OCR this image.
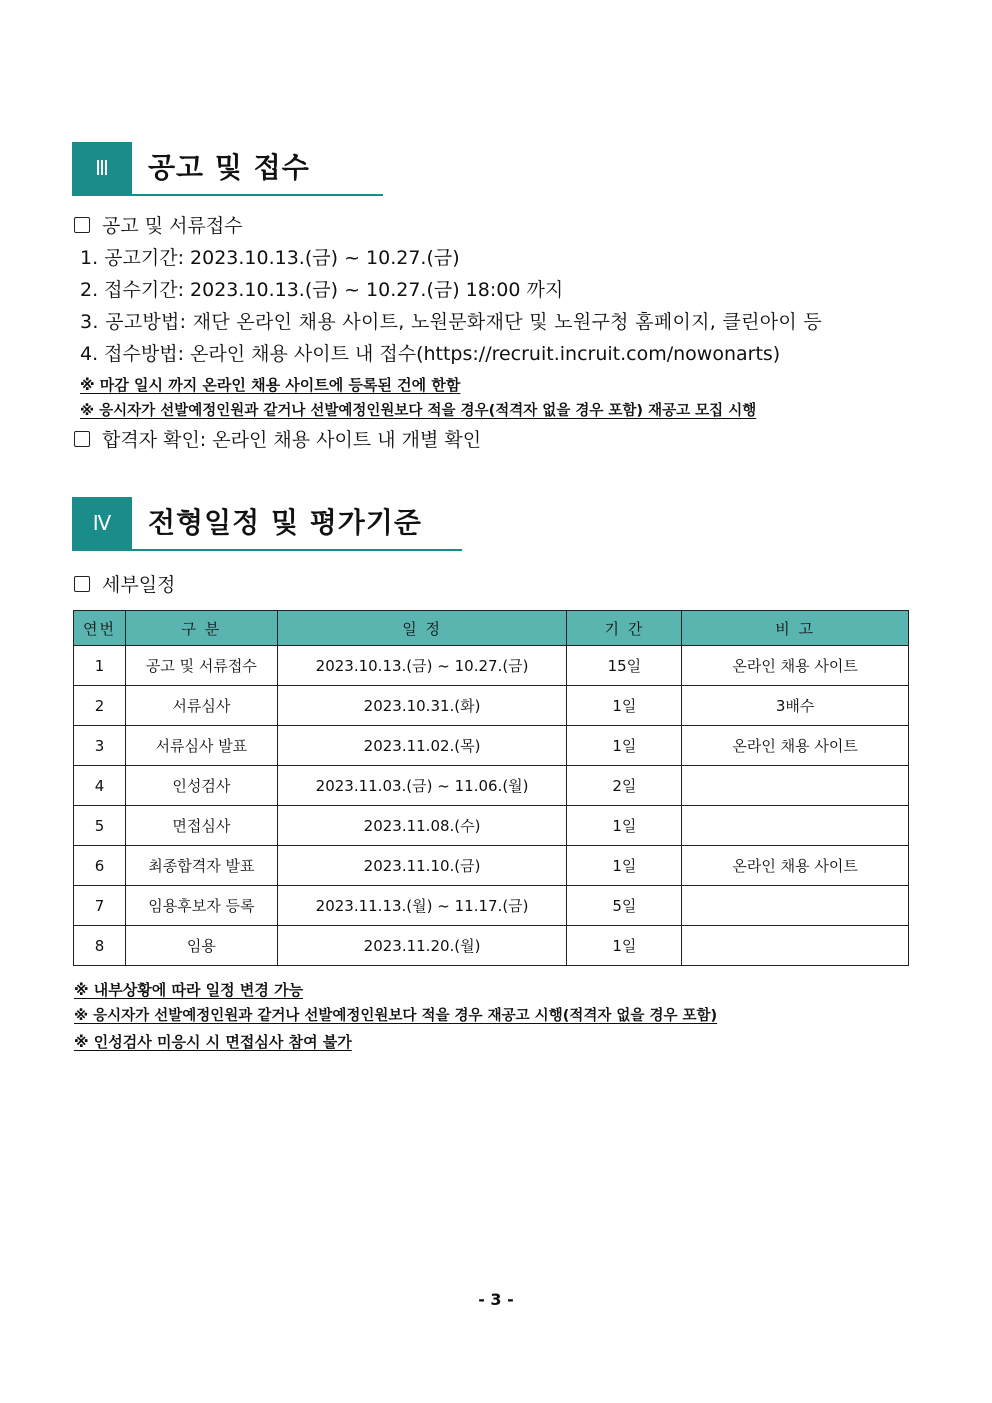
Ⅲ	공고 및 접수
공고 및 서류접수
1. 공고기간: 2023.10.13.(금) ~ 10.27.(금)
2. 접수기간: 2023.10.13.(금) ~ 10.27.(금) 18:00 까지
3. 공고방법: 재단 온라인 채용 사이트, 노원문화재단 및 노원구청 홈페이지, 클린아이 등
4. 접수방법: 온라인 채용 사이트 내 접수(https://recruit.incruit.com/nowonarts)
※ 마감 일시 까지 온라인 채용 사이트에 등록된 건에 한함
※ 응시자가 선발예정인원과 같거나 선발예정인원보다 적을 경우(적격자 없을 경우 포함) 재공고 모집 시행
합격자 확인: 온라인 채용 사이트 내 개별 확인
Ⅳ	전형일정 및 평가기준
세부일정
연번	구 분	일 정	기 간	비 고
1	공고 및 서류접수	2023.10.13.(금) ~ 10.27.(금)	15일	온라인 채용 사이트
2	서류심사	2023.10.31.(화)	1일	3배수
3	서류심사 발표	2023.11.02.(목)	1일	온라인 채용 사이트
4	인성검사	2023.11.03.(금) ~ 11.06.(월)	2일	
5	면접심사	2023.11.08.(수)	1일	
6	최종합격자 발표	2023.11.10.(금)	1일	온라인 채용 사이트
7	임용후보자 등록	2023.11.13.(월) ~ 11.17.(금)	5일	
8	임용	2023.11.20.(월)	1일	
※ 내부상황에 따라 일정 변경 가능
※ 응시자가 선발예정인원과 같거나 선발예정인원보다 적을 경우 재공고 시행(적격자 없을 경우 포함)
※ 인성검사 미응시 시 면접심사 참여 불가
- 3 -
